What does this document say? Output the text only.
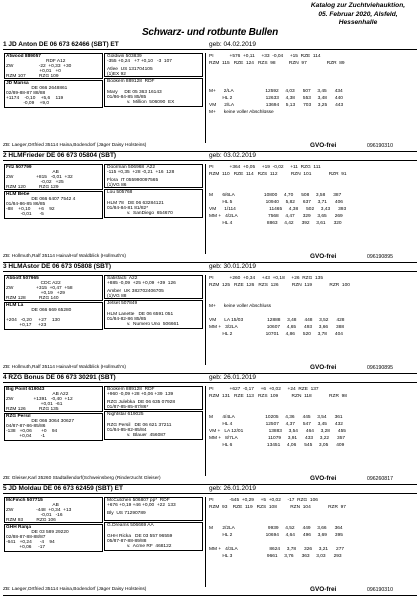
Katalog zur Zuchtviehauktion,
05. Februar 2020, Alsfeld,
Hessenhalle
Schwarz- und rotbunte Bullen
1 JD Anton DE 06 673 62466 (SBT) ET	geb: 04.02.2019
Atwood 889057
RDF A12
ZW                   -22  +0,33  +30
+0,01   +0
RZM 107          RZG 109
JD Marisa
DE 066 2648861
02/89-88-87 88/88
+1174    -0,10    +5,6    119
-0,09    +9,0
Goldwin 503839
-355 +0,24   +7 +0,10   -3  107
Atlee  US 131704105
(1)EX 92
Bookem 889128  RDF
Mary     DE 05 363 16143
01/86-84-85 85/85
v.  Million  506090  EX
PI            +576  +0,11     +33  -0,04     +15  RZE  114
RZM  115   RZE  124   RZS  98          RZN  97               RZR  89
M+      2/LA                        12592     4,03      507     3,45      434
HL 2                         12633     4,38      553     3,48      440
VM      2/LA                        13694     5,13      703     3,25      443
M+      keine voller Abschlüsse
ZB: Laeger,Ortfried 35114 Haina,Bodendorf (Jäger Daisy Holsteins)	GVO-frei	096190310
2 HLMFrieder DE 06 673 05804 (SBT)	geb: 03.02.2019
Fitz 507799
AB
ZW                 +815   -0,01  +32
-0,02   +25
RZM 120          RZG 129
HLM Bebe
DE 066 6407 7542 4
01/84-86-85 86/85
-88    +0,10      +6    92
-0,01      -5
Doorman 506968  A22
-115 +0,35  +28 -0,21  +16  128
Flora  IT 055990097565
(1)VG 86
Lou 505768
HLM 78   DE 06 63284121
01/84-84-81 81/82*
v.  SanDiego  654670
PI            +364  +0,05     +19  -0,02     +11  RZG  111
RZM  110   RZE  114   RZS  112          RZN  101             RZR  91
M       6/6LA                      10800     4,70      508     3,58      387
HL 5                         10940     5,82      637     3,71      406
VM      1/114                         11465     4,38      502     3,43      393
MM +   4/2LA                       7568     4,47      329     3,65      269
HL 4                          8863     4,42      392     3,61      320
ZB: Hollmuth,Ralf 35114 Haina/Hof Waldblick (Hollmuth's)	GVO-frei	096190895
3 HLMAstor DE 06 673 05808 (SBT)	geb: 30.01.2019
Abbott 507965
CDC A22
ZW                 +315  +0,47  +58
+0,19   +29
RZM 128          RZG 140
HLM La
DE 066 669 65280
+204   -0,20     +27    130
+0,17     +23
Satisfacti  A22
+885 -0,09  +25 +0,09  +39  126
Amber  UK 382702406705
(1)VG 88
Jetset 507849
HLM Lanette   DE 06 6591 051
01/84-82-86 85/85
v.  Numero Uno  506661
PI            +260  +0,34     +43  +0,18     +26  RZG  135
RZM  125   RZE  126   RZS  126          RZN  119             RZR  100
M+      keine voller Abschluss
VM      LA 15/03                  12888     3,48      448     3,52      428
MM +   3/2LA                      10607     4,65      493     3,66      388
HL 2                         10701     4,86      520     3,78      404
ZB: Hollmuth,Ralf 35114 Haina/Hof Waldblick (Hollmuth's)	GVO-frei	096190895
4 RZG Bonus DE 06 673 30291 (SBT)	geb: 26.01.2019
Big Point 619043
AB A22
ZW               +1391   -0,40  +12
+0,01  -61
RZM 126          RZG 135
RZG Persil
DE 066 3064 30627
04/87-87-86-85/86
-138   +0,06       +0    94
+0,04       -1
Bookem 889128  RDF
+960 -0,09 +28 +0,06 +39  139
RZG Julebka  DE 06 635 07928
01/87-85-85-87/86*
Nightstar 619025
RZG Persil   DE 06 621 37211
01/84-85-82-85/84
v.  Blauer  456087
PI            +627  -0,17     +6  +0,02     +24  RZE  137
RZM  131   RZE  113   RZS  109          RZN  118             RZR  98
M       4/4LA                       10205     4,36      445     3,54      361
HL 4                         12507     4,37      547     3,45      432
VM +   LA 12/01                   13883     3,54      464     3,28      455
MM +   8/7LA                       11079     3,91      433     3,22      357
HL 6                          13451     4,06      545     3,05      409
ZB: Gleiser,Karl 35260 Stadtallendorf(Schweinsberg (Rinderzucht Gleiser)	GVO-frei	096260817
5 JD Moldau DE 06 673 62459 (SBT) ET	geb: 26.01.2019
McFinch 507715
AB
ZW                 -448  +0,34  +13
-0,01   -16
RZM 93          RZG 106
GHH Ranja
DE 03 589 29220
02/88-87-88-88/87
-641   +0,24      -4    94
+0,06     -17
McCutchen 506807 pp*  RDF
+676 +0,19 +46 +0,00  +22  133
Bly  US 71290789
G.Dreams 506669 AA
GHH Ricka   DE 03 557 96559
05/87-87-88-89/88
v.  Acme RF  468122
PI            -545  +0,29     +5  +0,02     -17  RZG  106
RZM  93    RZE  119   RZS  108          RZN  104             RZR  97
M       2/2LA                         9939     4,52      449     3,66      364
HL 2                         10694     4,64      496     3,69      395
MM +   4/3LA                        8624     3,78      326     3,21      277
HL 3                          9661     3,76      363     3,03      293
ZB: Laeger,Ortfried 35114 Haina,Bodendorf (Jäger Daisy Holsteins)	GVO-frei	096190310
